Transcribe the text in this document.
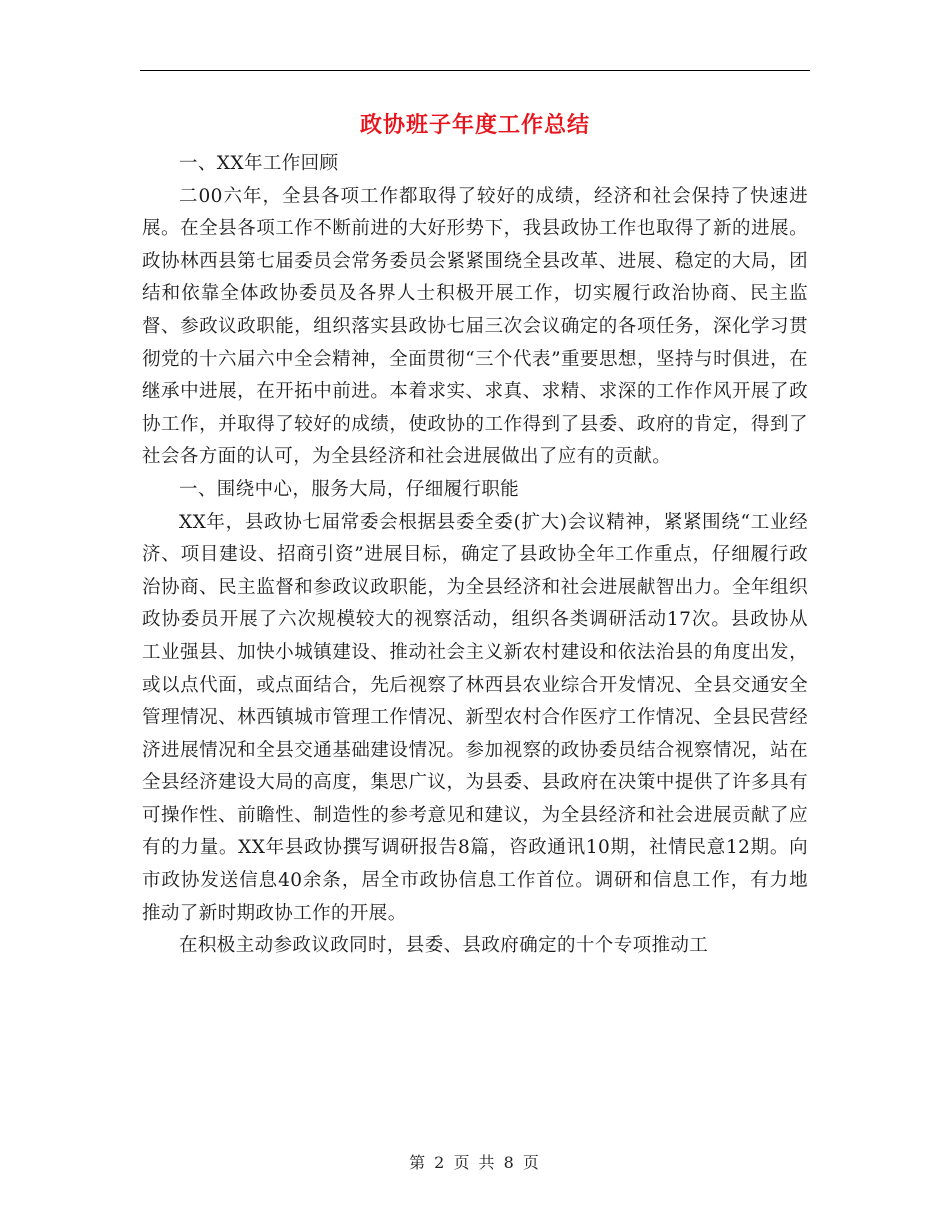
政协班子年度工作总结

一、XX年工作回顾

二00六年，全县各项工作都取得了较好的成绩，经济和社会保持了快速进展。在全县各项工作不断前进的大好形势下，我县政协工作也取得了新的进展。政协林西县第七届委员会常务委员会紧紧围绕全县改革、进展、稳定的大局，团结和依靠全体政协委员及各界人士积极开展工作，切实履行政治协商、民主监督、参政议政职能，组织落实县政协七届三次会议确定的各项任务，深化学习贯彻党的十六届六中全会精神，全面贯彻“三个代表”重要思想，坚持与时俱进，在继承中进展，在开拓中前进。本着求实、求真、求精、求深的工作作风开展了政协工作，并取得了较好的成绩，使政协的工作得到了县委、政府的肯定，得到了社会各方面的认可，为全县经济和社会进展做出了应有的贡献。

一、围绕中心，服务大局，仔细履行职能

XX年，县政协七届常委会根据县委全委(扩大)会议精神，紧紧围绕“工业经济、项目建设、招商引资”进展目标，确定了县政协全年工作重点，仔细履行政治协商、民主监督和参政议政职能，为全县经济和社会进展献智出力。全年组织政协委员开展了六次规模较大的视察活动，组织各类调研活动17次。县政协从工业强县、加快小城镇建设、推动社会主义新农村建设和依法治县的角度出发，或以点代面，或点面结合，先后视察了林西县农业综合开发情况、全县交通安全管理情况、林西镇城市管理工作情况、新型农村合作医疗工作情况、全县民营经济进展情况和全县交通基础建设情况。参加视察的政协委员结合视察情况，站在全县经济建设大局的高度，集思广议，为县委、县政府在决策中提供了许多具有可操作性、前瞻性、制造性的参考意见和建议，为全县经济和社会进展贡献了应有的力量。XX年县政协撰写调研报告8篇，咨政通讯10期，社情民意12期。向市政协发送信息40余条，居全市政协信息工作首位。调研和信息工作，有力地推动了新时期政协工作的开展。

在积极主动参政议政同时，县委、县政府确定的十个专项推动工

第 2 页 共 8 页
